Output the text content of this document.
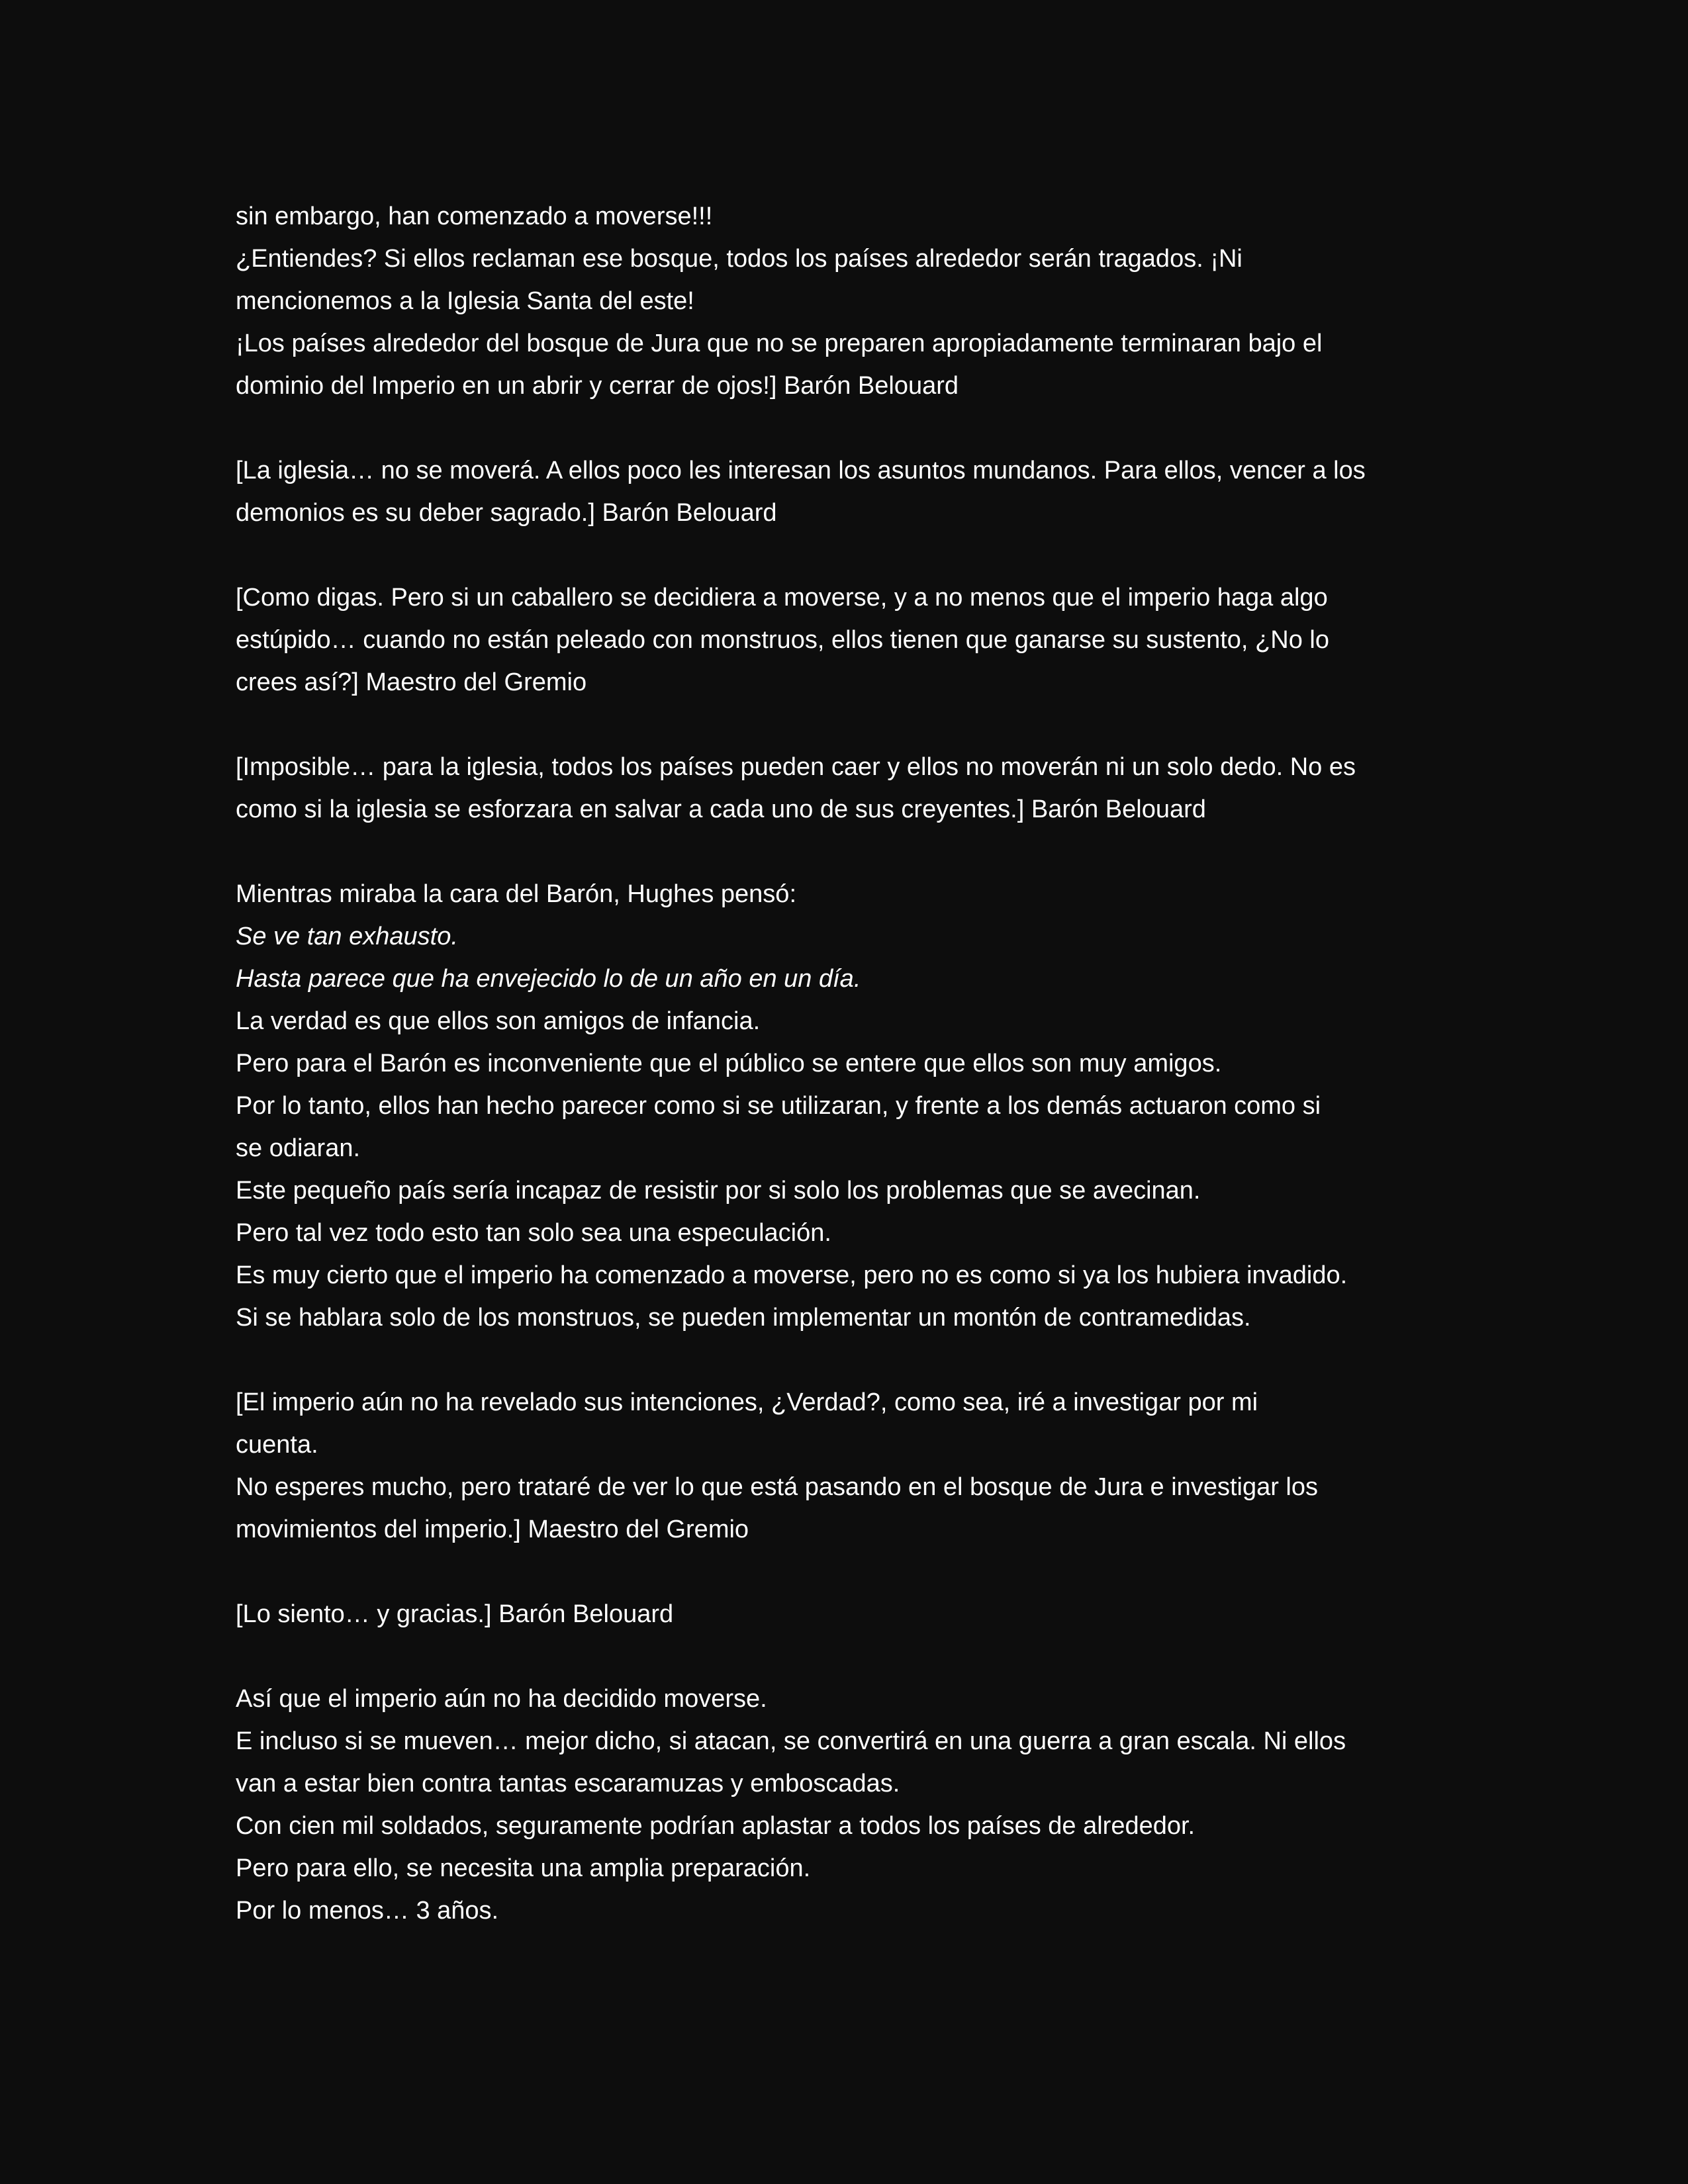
sin embargo, han comenzado a moverse!!!

¿Entiendes? Si ellos reclaman ese bosque, todos los países alrededor serán tragados. ¡Ni

mencionemos a la Iglesia Santa del este!

¡Los países alrededor del bosque de Jura que no se preparen apropiadamente terminaran bajo el

dominio del Imperio en un abrir y cerrar de ojos!] Barón Belouard

[La iglesia… no se moverá. A ellos poco les interesan los asuntos mundanos. Para ellos, vencer a los

demonios es su deber sagrado.] Barón Belouard

[Como digas. Pero si un caballero se decidiera a moverse, y a no menos que el imperio haga algo

estúpido… cuando no están peleado con monstruos, ellos tienen que ganarse su sustento, ¿No lo

crees así?] Maestro del Gremio

[Imposible… para la iglesia, todos los países pueden caer y ellos no moverán ni un solo dedo. No es

como si la iglesia se esforzara en salvar a cada uno de sus creyentes.] Barón Belouard

Mientras miraba la cara del Barón, Hughes pensó:

Se ve tan exhausto.

Hasta parece que ha envejecido lo de un año en un día.

La verdad es que ellos son amigos de infancia.

Pero para el Barón es inconveniente que el público se entere que ellos son muy amigos.

Por lo tanto, ellos han hecho parecer como si se utilizaran, y frente a los demás actuaron como si

se odiaran.

Este pequeño país sería incapaz de resistir por si solo los problemas que se avecinan.

Pero tal vez todo esto tan solo sea una especulación.

Es muy cierto que el imperio ha comenzado a moverse, pero no es como si ya los hubiera invadido.

Si se hablara solo de los monstruos, se pueden implementar un montón de contramedidas.

[El imperio aún no ha revelado sus intenciones, ¿Verdad?, como sea, iré a investigar por mi

cuenta.

No esperes mucho, pero trataré de ver lo que está pasando en el bosque de Jura e investigar los

movimientos del imperio.] Maestro del Gremio

[Lo siento… y gracias.] Barón Belouard

Así que el imperio aún no ha decidido moverse.

E incluso si se mueven… mejor dicho, si atacan, se convertirá en una guerra a gran escala. Ni ellos

van a estar bien contra tantas escaramuzas y emboscadas.

Con cien mil soldados, seguramente podrían aplastar a todos los países de alrededor.

Pero para ello, se necesita una amplia preparación.

Por lo menos… 3 años.
